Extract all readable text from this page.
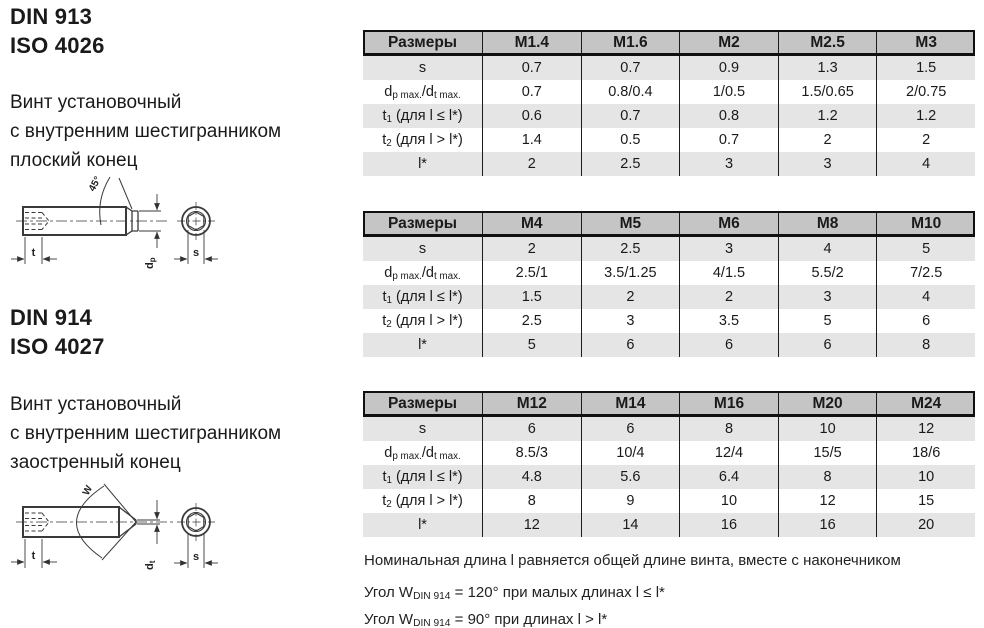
DIN 913
ISO 4026

Винт установочный
с внутренним шестигранником
плоский конец

t	s
dp
45°
DIN 914
ISO 4027

Винт установочный
с внутренним шестигранником
заостренный конец

t	s
dt
W
Размеры	M1.4	M1.6	M2	M2.5	M3
s	0.7	0.7	0.9	1.3	1.5
dp max./dt max.	0.7	0.8/0.4	1/0.5	1.5/0.65	2/0.75
t1 (для l ≤ l*)	0.6	0.7	0.8	1.2	1.2
t2 (для l > l*)	1.4	0.5	0.7	2	2
l*	2	2.5	3	3	4
Размеры	M4	M5	M6	M8	M10
s	2	2.5	3	4	5
dp max./dt max.	2.5/1	3.5/1.25	4/1.5	5.5/2	7/2.5
t1 (для l ≤ l*)	1.5	2	2	3	4
t2 (для l > l*)	2.5	3	3.5	5	6
l*	5	6	6	6	8
Размеры	M12	M14	M16	M20	M24
s	6	6	8	10	12
dp max./dt max.	8.5/3	10/4	12/4	15/5	18/6
t1 (для l ≤ l*)	4.8	5.6	6.4	8	10
t2 (для l > l*)	8	9	10	12	15
l*	12	14	16	16	20

Номинальная длина l равняется общей длине винта, вместе с наконечником

Угол WDIN 914 = 120° при малых длинах l ≤ l*

Угол WDIN 914 = 90° при длинах l > l*
